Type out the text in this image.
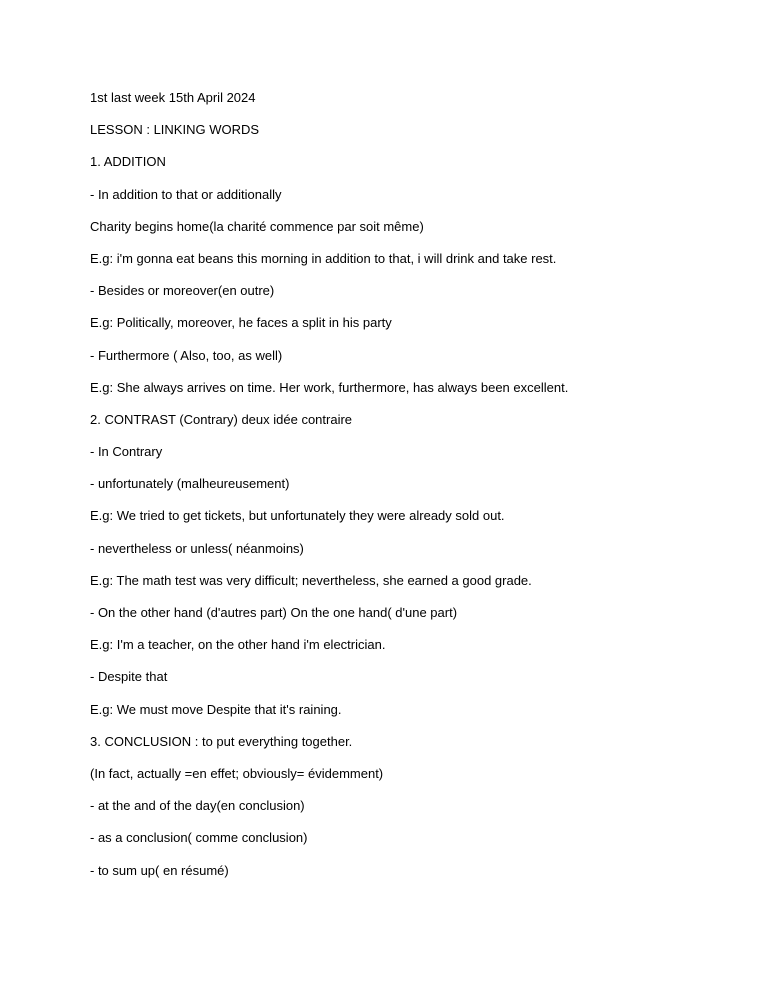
1st last week 15th April 2024

LESSON : LINKING WORDS

1. ADDITION

- In addition to that or additionally

Charity begins home(la charité commence par soit même)

E.g: i'm gonna eat beans this morning in addition to that, i will drink and take rest.

- Besides or moreover(en outre)

E.g: Politically, moreover, he faces a split in his party

- Furthermore ( Also, too, as well)

E.g: She always arrives on time. Her work, furthermore, has always been excellent.

2. CONTRAST (Contrary) deux idée contraire

- In Contrary

- unfortunately (malheureusement)

E.g: We tried to get tickets, but unfortunately they were already sold out.

- nevertheless or unless( néanmoins)

E.g: The math test was very difficult; nevertheless, she earned a good grade.

- On the other hand (d'autres part) On the one hand( d'une part)

E.g: I'm a teacher, on the other hand i'm electrician.

- Despite that

E.g: We must move Despite that it's raining.

3. CONCLUSION : to put everything together.

(In fact, actually =en effet; obviously= évidemment)

- at the and of the day(en conclusion)

- as a conclusion( comme conclusion)

- to sum up( en résumé)
